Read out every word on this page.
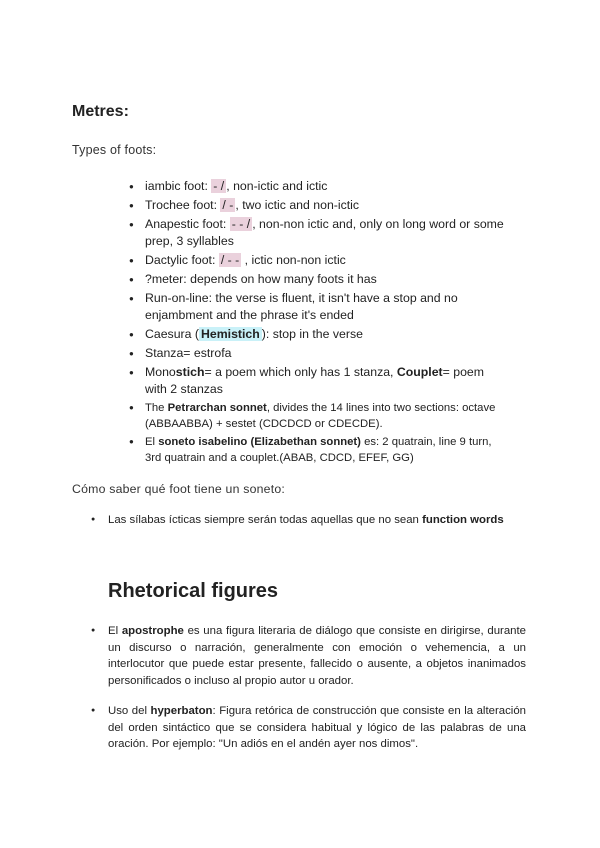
Metres:

Types of foots:

● iambic foot: - / , non-ictic and ictic
● Trochee foot: / - , two ictic and non-ictic
● Anapestic foot: - - / , non-non ictic and, only on long word or some prep, 3 syllables
● Dactylic foot: / - - , ictic non-non ictic
● ?meter: depends on how many foots it has
● Run-on-line: the verse is fluent, it isn't have a stop and no enjambment and the phrase it's ended
● Caesura ( Hemistich ): stop in the verse
● Stanza= estrofa
● Monostich= a poem which only has 1 stanza, Couplet= poem with 2 stanzas
● The Petrarchan sonnet, divides the 14 lines into two sections: octave (ABBAABBA) + sestet (CDCDCD or CDECDE).
● El soneto isabelino (Elizabethan sonnet) es: 2 quatrain, line 9 turn, 3rd quatrain and a couplet.(ABAB, CDCD, EFEF, GG)

Cómo saber qué foot tiene un soneto:

● Las sílabas ícticas siempre serán todas aquellas que no sean function words
Rhetorical figures
● El apostrophe es una figura literaria de diálogo que consiste en dirigirse, durante un discurso o narración, generalmente con emoción o vehemencia, a un interlocutor que puede estar presente, fallecido o ausente, a objetos inanimados personificados o incluso al propio autor u orador.
● Uso del hyperbaton: Figura retórica de construcción que consiste en la alteración del orden sintáctico que se considera habitual y lógico de las palabras de una oración. Por ejemplo: "Un adiós en el andén ayer nos dimos".
